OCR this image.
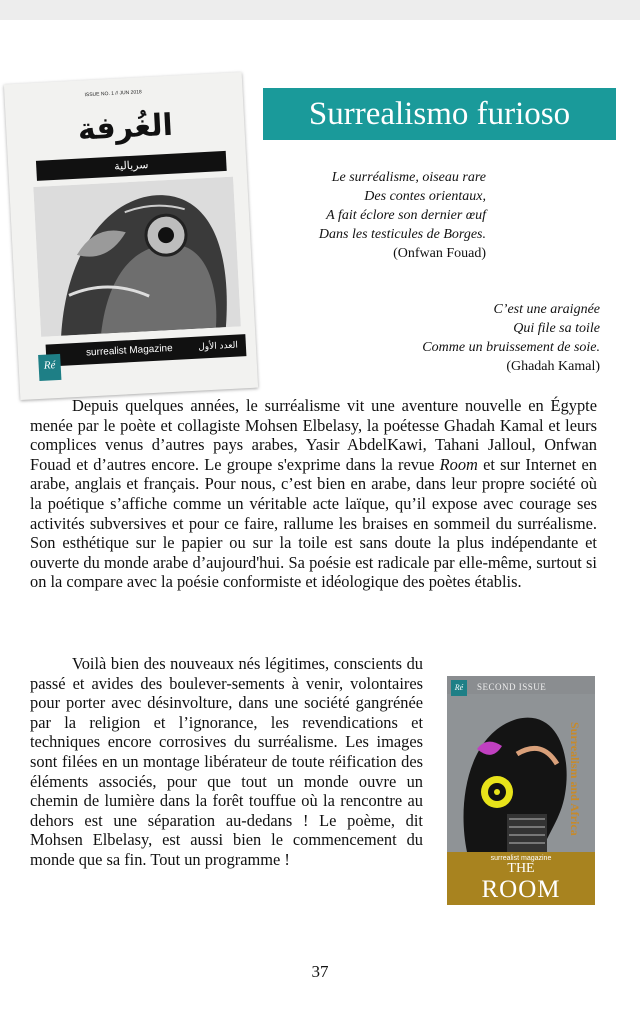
ISSUE NO. 1 // JUN 2018
الغُرفة
سريالية
surrealist Magazine	العدد الأول
Ré
Surrealismo furioso
Le surréalisme, oiseau rare
Des contes orientaux,
A fait éclore son dernier œuf
Dans les testicules de Borges.
(Onfwan Fouad)
C’est une araignée
Qui file sa toile
Comme un bruissement de soie.
(Ghadah Kamal)
Depuis quelques années, le surréalisme vit une aventure nouvelle en Égypte menée par le poète et collagiste Mohsen Elbelasy, la poétesse Ghadah Kamal et leurs complices venus d’autres pays arabes, Yasir AbdelKawi, Tahani Jalloul, Onfwan Fouad et d’autres encore. Le groupe s'exprime dans la revue Room et sur Internet en arabe, anglais et français. Pour nous, c’est bien en arabe, dans leur propre société où la poétique s’affiche comme un véritable acte laïque, qu’il expose avec courage ses activités subversives et pour ce faire, rallume les braises en sommeil du surréalisme. Son esthétique sur le papier ou sur la toile est sans doute la plus indépendante et ouverte du monde arabe d’aujourd'hui. Sa poésie est radicale par elle-même, surtout si on la compare avec la poésie conformiste et idéologique des poètes établis.
Voilà bien des nouveaux nés légitimes, conscients du passé et avides des boulever-sements à venir, volontaires pour porter avec désinvolture, dans une société gangrénée par la religion et l’ignorance, les revendications et techniques encore corrosives du surréalisme. Les images sont filées en un montage libérateur de toute réification des éléments associés, pour que tout un monde ouvre un chemin de lumière dans la forêt touffue où la rencontre au dehors est une séparation au-dedans ! Le poème, dit Mohsen Elbelasy, est aussi bien le commencement du monde que sa fin. Tout un programme !
Ré	SECOND ISSUE
Surrealism and Africa
surrealist magazine
THE
ROOM
37
